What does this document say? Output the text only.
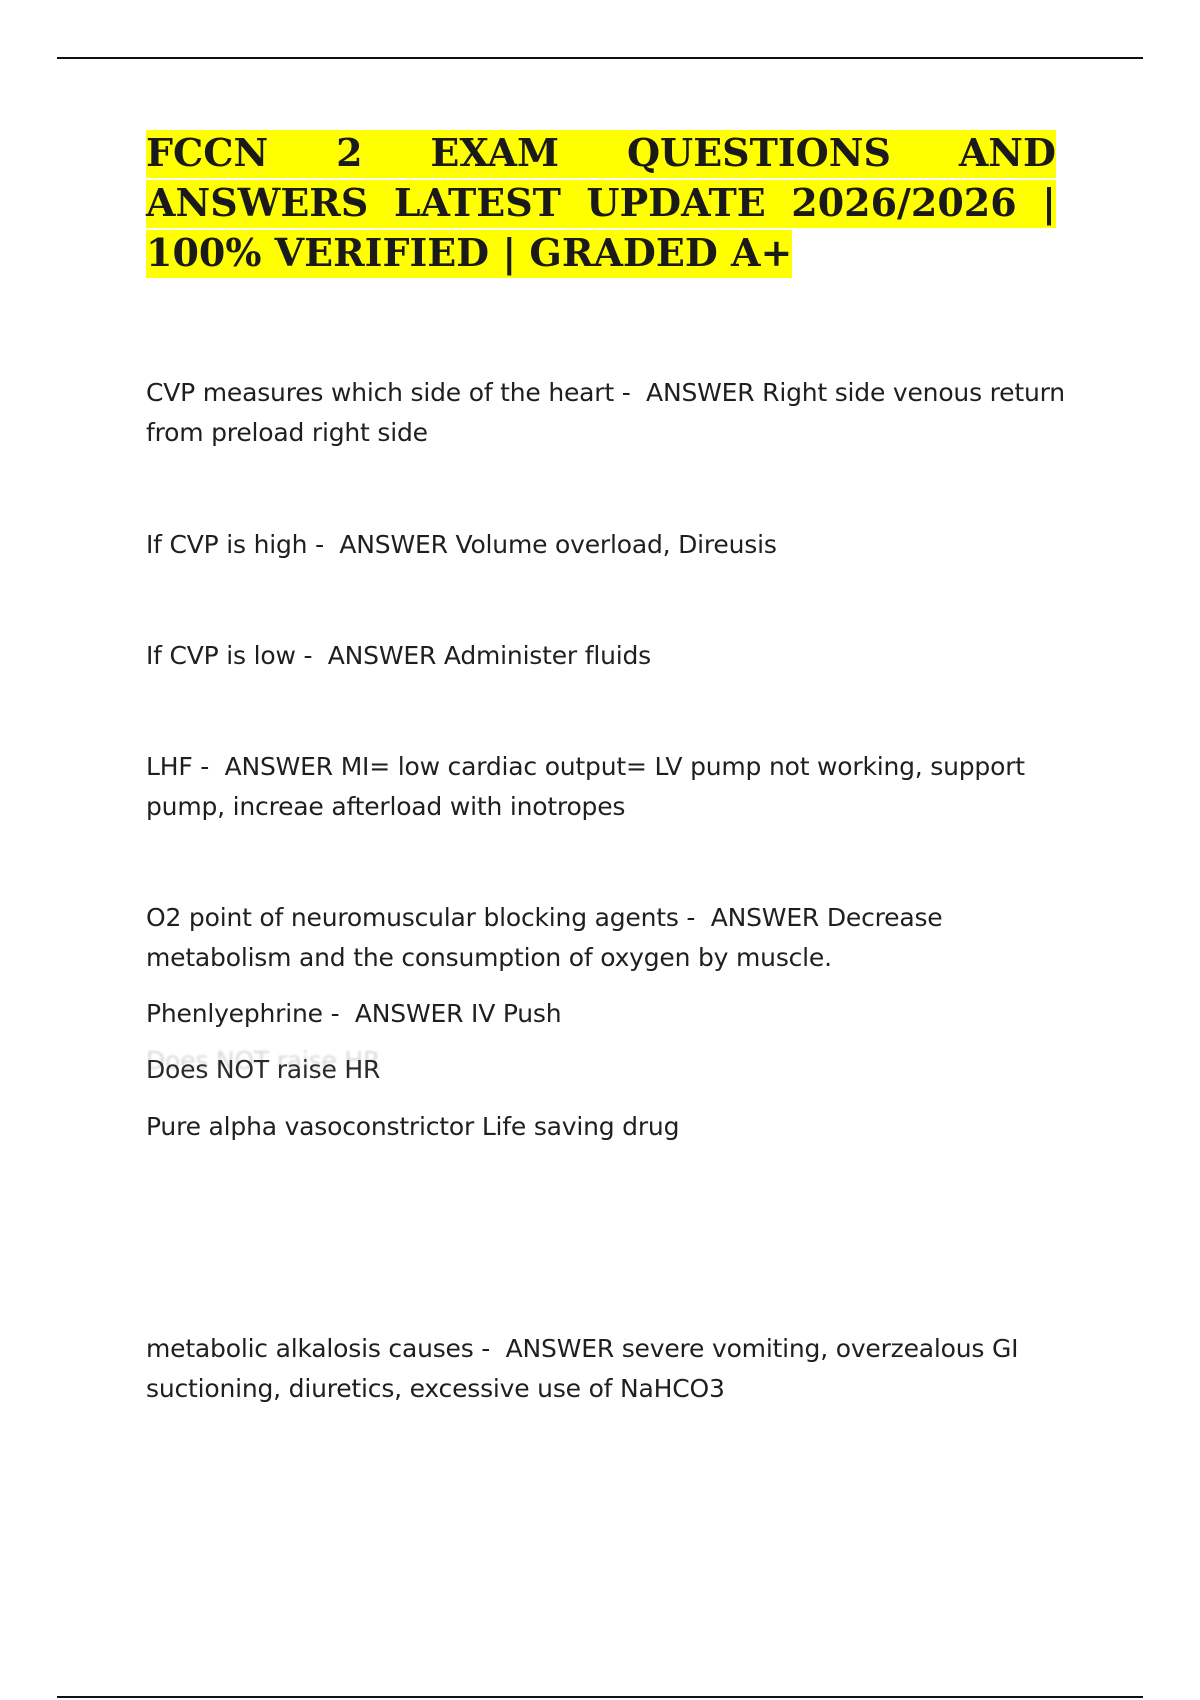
FCCN 2 EXAM QUESTIONS AND ANSWERS LATEST UPDATE 2026/2026 | 100% VERIFIED | GRADED A+

CVP measures which side of the heart -  ANSWER Right side venous return from preload right side

If CVP is high -  ANSWER Volume overload, Direusis

If CVP is low -  ANSWER Administer fluids

LHF -  ANSWER MI= low cardiac output= LV pump not working, support pump, increae afterload with inotropes

O2 point of neuromuscular blocking agents -  ANSWER Decrease metabolism and the consumption of oxygen by muscle.

Phenlyephrine -  ANSWER IV Push

Does NOT raise HR

Pure alpha vasoconstrictor Life saving drug

metabolic alkalosis causes -  ANSWER severe vomiting, overzealous GI suctioning, diuretics, excessive use of NaHCO3
